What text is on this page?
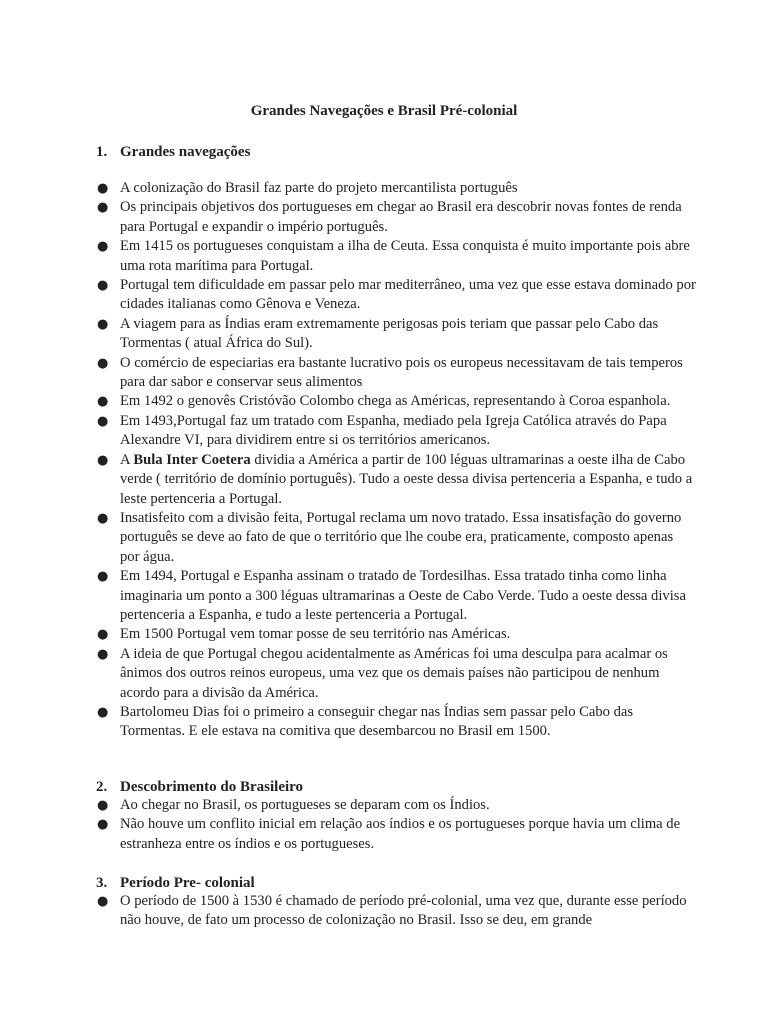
Grandes Navegações e Brasil Pré-colonial
1. Grandes navegações
● A colonização do Brasil faz parte do projeto mercantilista português
● Os principais objetivos dos portugueses em chegar ao Brasil era descobrir novas fontes de renda para Portugal e expandir o império português.
● Em 1415 os portugueses conquistam a ilha de Ceuta. Essa conquista é muito importante pois abre uma rota marítima para Portugal.
● Portugal tem dificuldade em passar pelo mar mediterrâneo, uma vez que esse estava dominado por cidades italianas como Gênova e Veneza.
● A viagem para as Índias eram extremamente perigosas pois teriam que passar pelo Cabo das Tormentas ( atual África do Sul).
● O comércio de especiarias era bastante lucrativo pois os europeus necessitavam de tais temperos para dar sabor e conservar seus alimentos
● Em 1492 o genovês Cristóvão Colombo chega as Américas, representando à Coroa espanhola.
● Em 1493,Portugal faz um tratado com Espanha, mediado pela Igreja Católica através do Papa Alexandre VI, para dividirem entre si os territórios americanos.
● A Bula Inter Coetera dividia a América a partir de 100 léguas ultramarinas a oeste ilha de Cabo verde ( território de domínio português). Tudo a oeste dessa divisa pertenceria a Espanha, e tudo a leste pertenceria a Portugal.
● Insatisfeito com a divisão feita, Portugal reclama um novo tratado. Essa insatisfação do governo português se deve ao fato de que o território que lhe coube era, praticamente, composto apenas por água.
● Em 1494, Portugal e Espanha assinam o tratado de Tordesilhas. Essa tratado tinha como linha imaginaria um ponto a 300 léguas ultramarinas a Oeste de Cabo Verde. Tudo a oeste dessa divisa pertenceria a Espanha, e tudo a leste pertenceria a Portugal.
● Em 1500 Portugal vem tomar posse de seu território nas Américas.
● A ideia de que Portugal chegou acidentalmente as Américas foi uma desculpa para acalmar os ânimos dos outros reinos europeus, uma vez que os demais países não participou de nenhum acordo para a divisão da América.
● Bartolomeu Dias foi o primeiro a conseguir chegar nas Índias sem passar pelo Cabo das Tormentas. E ele estava na comitiva que desembarcou no Brasil em 1500.
2. Descobrimento do Brasileiro
● Ao chegar no Brasil, os portugueses se deparam com os Índios.
● Não houve um conflito inicial em relação aos índios e os portugueses porque havia um clima de estranheza entre os índios e os portugueses.
3. Período Pre- colonial
● O período de 1500 à 1530 é chamado de período pré-colonial, uma vez que, durante esse período não houve, de fato um processo de colonização no Brasil. Isso se deu, em grande
